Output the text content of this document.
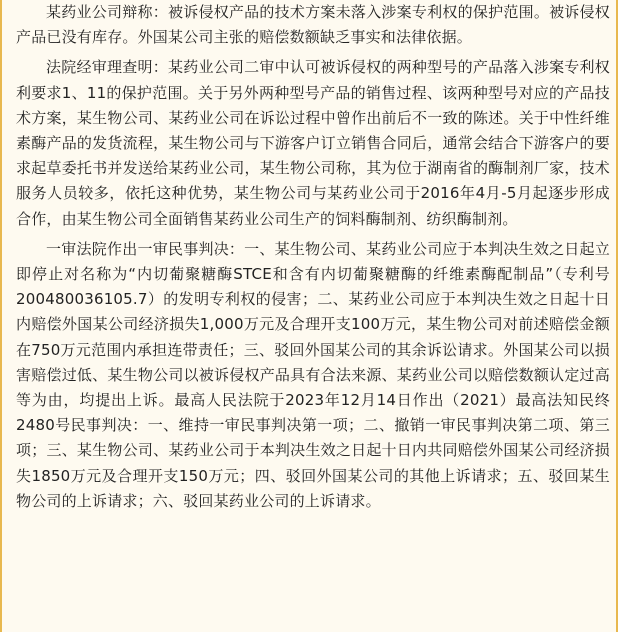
某药业公司辩称：被诉侵权产品的技术方案未落入涉案专利权的保护范围。被诉侵权产品已没有库存。外国某公司主张的赔偿数额缺乏事实和法律依据。

法院经审理查明：某药业公司二审中认可被诉侵权的两种型号的产品落入涉案专利权利要求1、11的保护范围。关于另外两种型号产品的销售过程、该两种型号对应的产品技术方案，某生物公司、某药业公司在诉讼过程中曾作出前后不一致的陈述。关于中性纤维素酶产品的发货流程，某生物公司与下游客户订立销售合同后，通常会结合下游客户的要求起草委托书并发送给某药业公司，某生物公司称，其为位于湖南省的酶制剂厂家，技术服务人员较多，依托这种优势，某生物公司与某药业公司于2016年4月-5月起逐步形成合作，由某生物公司全面销售某药业公司生产的饲料酶制剂、纺织酶制剂。

一审法院作出一审民事判决：一、某生物公司、某药业公司应于本判决生效之日起立即停止对名称为“内切葡聚糖酶STCE和含有内切葡聚糖酶的纤维素酶配制品”（专利号200480036105.7）的发明专利权的侵害；二、某药业公司应于本判决生效之日起十日内赔偿外国某公司经济损失1,000万元及合理开支100万元，某生物公司对前述赔偿金额在750万元范围内承担连带责任；三、驳回外国某公司的其余诉讼请求。外国某公司以损害赔偿过低、某生物公司以被诉侵权产品具有合法来源、某药业公司以赔偿数额认定过高等为由，均提出上诉。最高人民法院于2023年12月14日作出（2021）最高法知民终2480号民事判决：一、维持一审民事判决第一项；二、撤销一审民事判决第二项、第三项；三、某生物公司、某药业公司于本判决生效之日起十日内共同赔偿外国某公司经济损失1850万元及合理开支150万元；四、驳回外国某公司的其他上诉请求；五、驳回某生物公司的上诉请求；六、驳回某药业公司的上诉请求。
